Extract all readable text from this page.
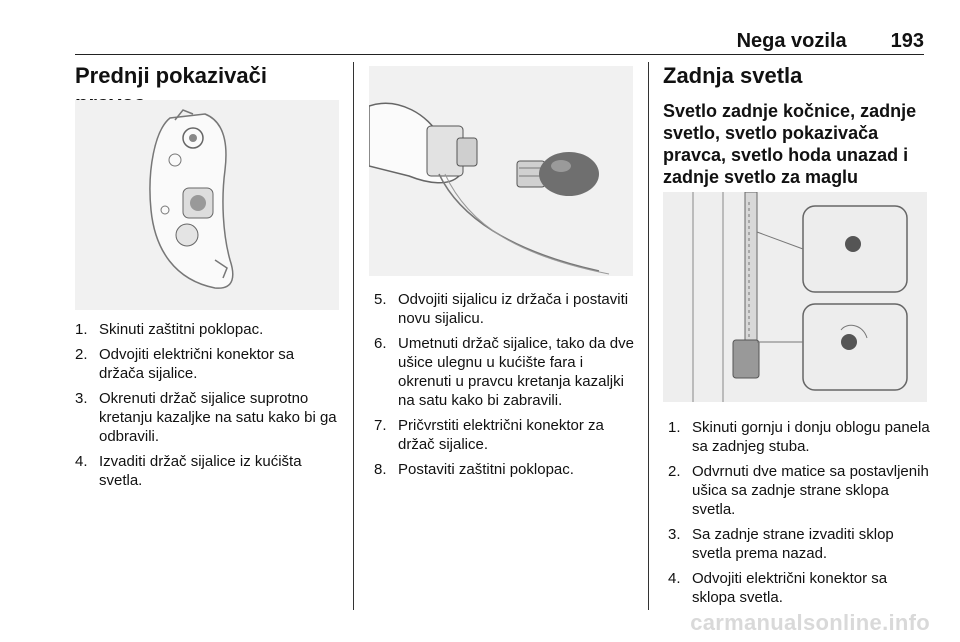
Nega vozila 193
Prednji pokazivači
1. Skinuti zaštitni poklopac.
2. Odvojiti električni konektor sa držača sijalice.
3. Okrenuti držač sijalice suprotno kretanju kazaljke na satu kako bi ga odbravili.
4. Izvaditi držač sijalice iz kućišta svetla.
5. Odvojiti sijalicu iz držača i postaviti novu sijalicu.
6. Umetnuti držač sijalice, tako da dve ušice ulegnu u kućište fara i okrenuti u pravcu kretanja kazaljki na satu kako bi zabravili.
7. Pričvrstiti električni konektor za držač sijalice.
8. Postaviti zaštitni poklopac.
Zadnja svetla
Svetlo zadnje kočnice, zadnje svetlo, svetlo pokazivača pravca, svetlo hoda unazad i zadnje svetlo za maglu
1. Skinuti gornju i donju oblogu panela sa zadnjeg stuba.
2. Odvrnuti dve matice sa postavljenih ušica sa zadnje strane sklopa svetla.
3. Sa zadnje strane izvaditi sklop svetla prema nazad.
4. Odvojiti električni konektor sa sklopa svetla.
carmanualsonline.info
